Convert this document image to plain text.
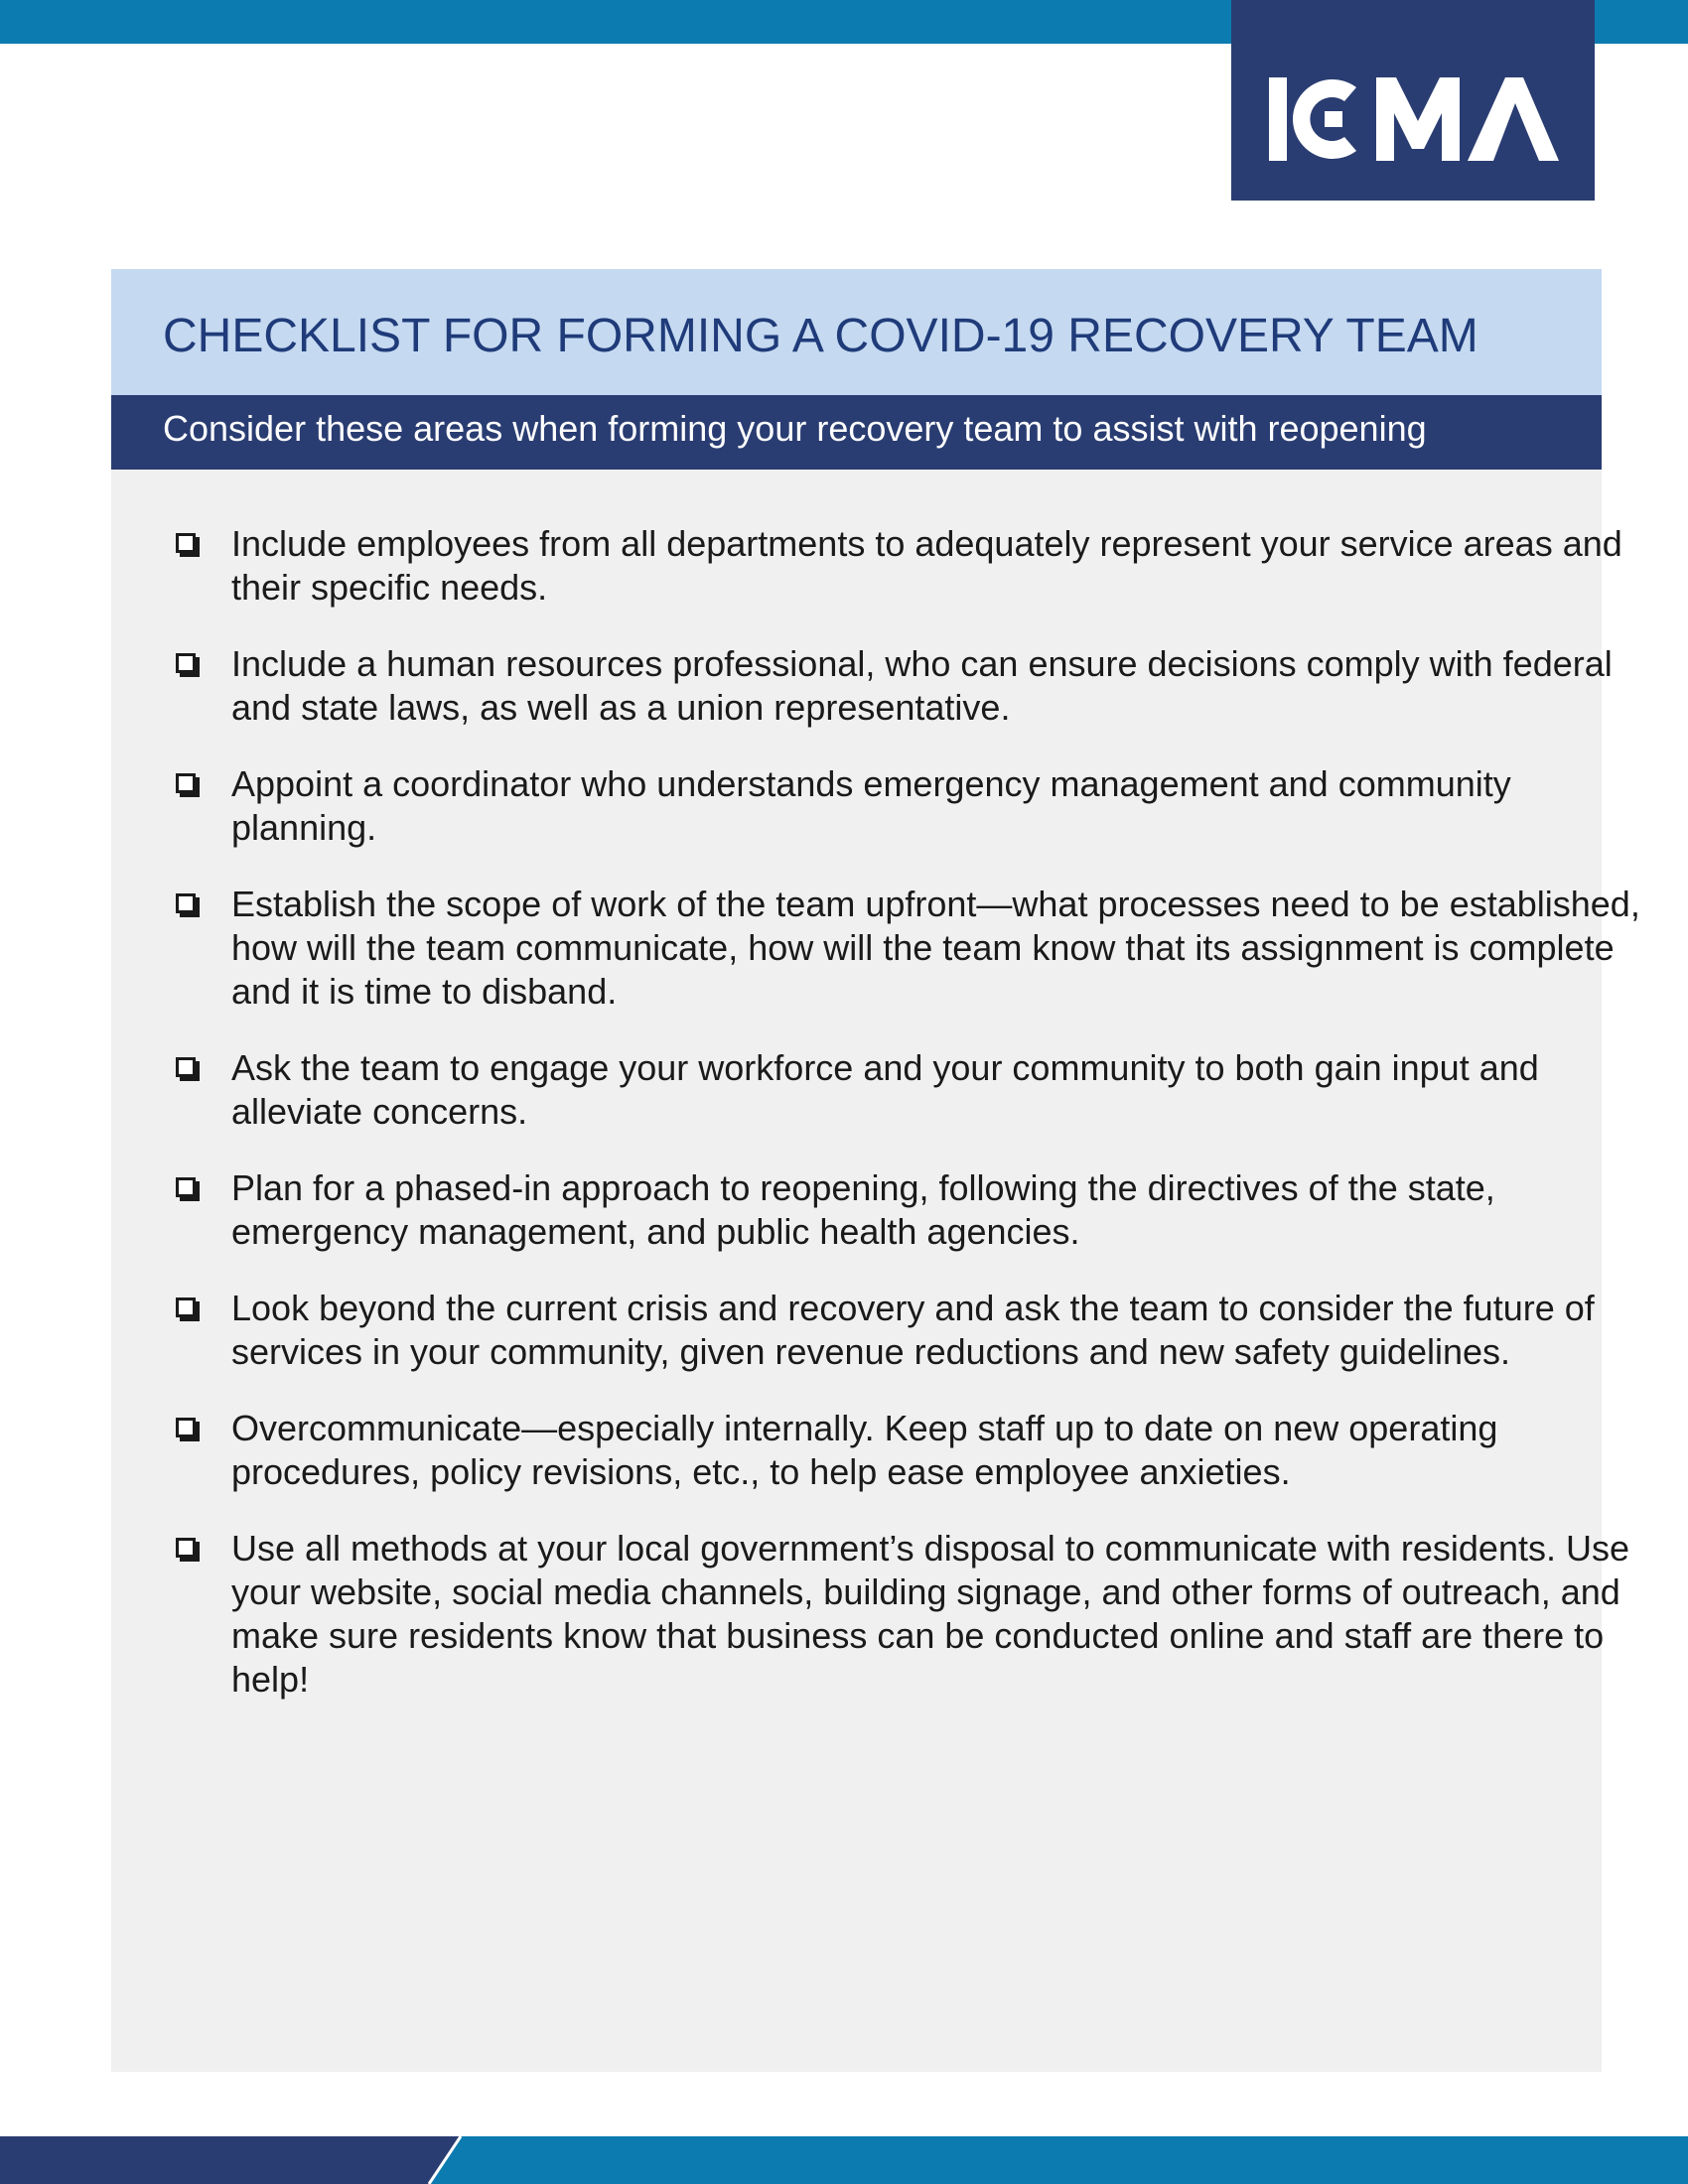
CHECKLIST FOR FORMING A COVID-19 RECOVERY TEAM
Consider these areas when forming your recovery team to assist with reopening
Include employees from all departments to adequately represent your service areas and their specific needs.
Include a human resources professional, who can ensure decisions comply with federal and state laws, as well as a union representative.
Appoint a coordinator who understands emergency management and community planning.
Establish the scope of work of the team upfront—what processes need to be established, how will the team communicate, how will the team know that its assignment is complete and it is time to disband.
Ask the team to engage your workforce and your community to both gain input and alleviate concerns.
Plan for a phased-in approach to reopening, following the directives of the state, emergency management, and public health agencies.
Look beyond the current crisis and recovery and ask the team to consider the future of services in your community, given revenue reductions and new safety guidelines.
Overcommunicate—especially internally. Keep staff up to date on new operating procedures, policy revisions, etc., to help ease employee anxieties.
Use all methods at your local government’s disposal to communicate with residents. Use your website, social media channels, building signage, and other forms of outreach, and make sure residents know that business can be conducted online and staff are there to help!
